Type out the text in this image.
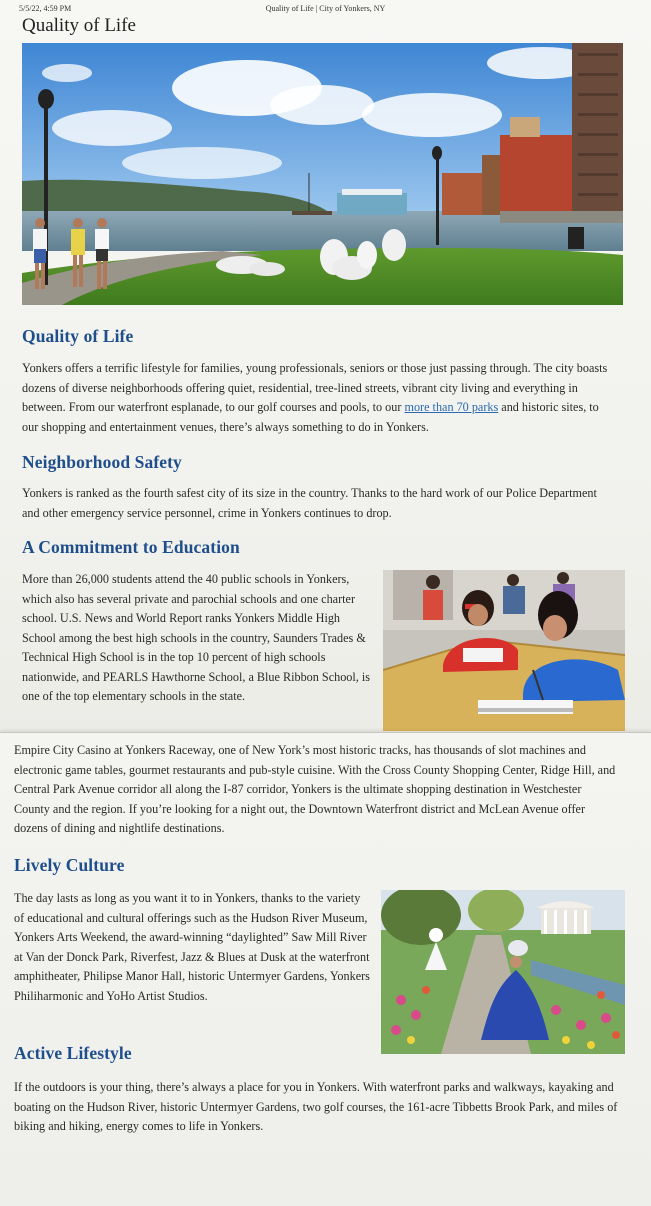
5/5/22, 4:59 PM	Quality of Life | City of Yonkers, NY
Quality of Life
Quality of Life

Yonkers offers a terrific lifestyle for families, young professionals, seniors or those just passing through. The city boasts dozens of diverse neighborhoods offering quiet, residential, tree-lined streets, vibrant city living and everything in between. From our waterfront esplanade, to our golf courses and pools, to our more than 70 parks and historic sites, to our shopping and entertainment venues, there’s always something to do in Yonkers.

Neighborhood Safety

Yonkers is ranked as the fourth safest city of its size in the country. Thanks to the hard work of our Police Department and other emergency service personnel, crime in Yonkers continues to drop.

A Commitment to Education

More than 26,000 students attend the 40 public schools in Yonkers, which also has several private and parochial schools and one charter school. U.S. News and World Report ranks Yonkers Middle High School among the best high schools in the country, Saunders Trades & Technical High School is in the top 10 percent of high schools nationwide, and PEARLS Hawthorne School, a Blue Ribbon School, is one of the top elementary schools in the state.

Empire City Casino at Yonkers Raceway, one of New York’s most historic tracks, has thousands of slot machines and electronic game tables, gourmet restaurants and pub-style cuisine. With the Cross County Shopping Center, Ridge Hill, and Central Park Avenue corridor all along the I-87 corridor, Yonkers is the ultimate shopping destination in Westchester County and the region. If you’re looking for a night out, the Downtown Waterfront district and McLean Avenue offer dozens of dining and nightlife destinations.

Lively Culture

The day lasts as long as you want it to in Yonkers, thanks to the variety of educational and cultural offerings such as the Hudson River Museum, Yonkers Arts Weekend, the award-winning “daylighted” Saw Mill River at Van der Donck Park, Riverfest, Jazz & Blues at Dusk at the waterfront amphitheater, Philipse Manor Hall, historic Untermyer Gardens, Yonkers Philiharmonic and YoHo Artist Studios.

Active Lifestyle

If the outdoors is your thing, there’s always a place for you in Yonkers. With waterfront parks and walkways, kayaking and boating on the Hudson River, historic Untermyer Gardens, two golf courses, the 161-acre Tibbetts Brook Park, and miles of biking and hiking, energy comes to life in Yonkers.
